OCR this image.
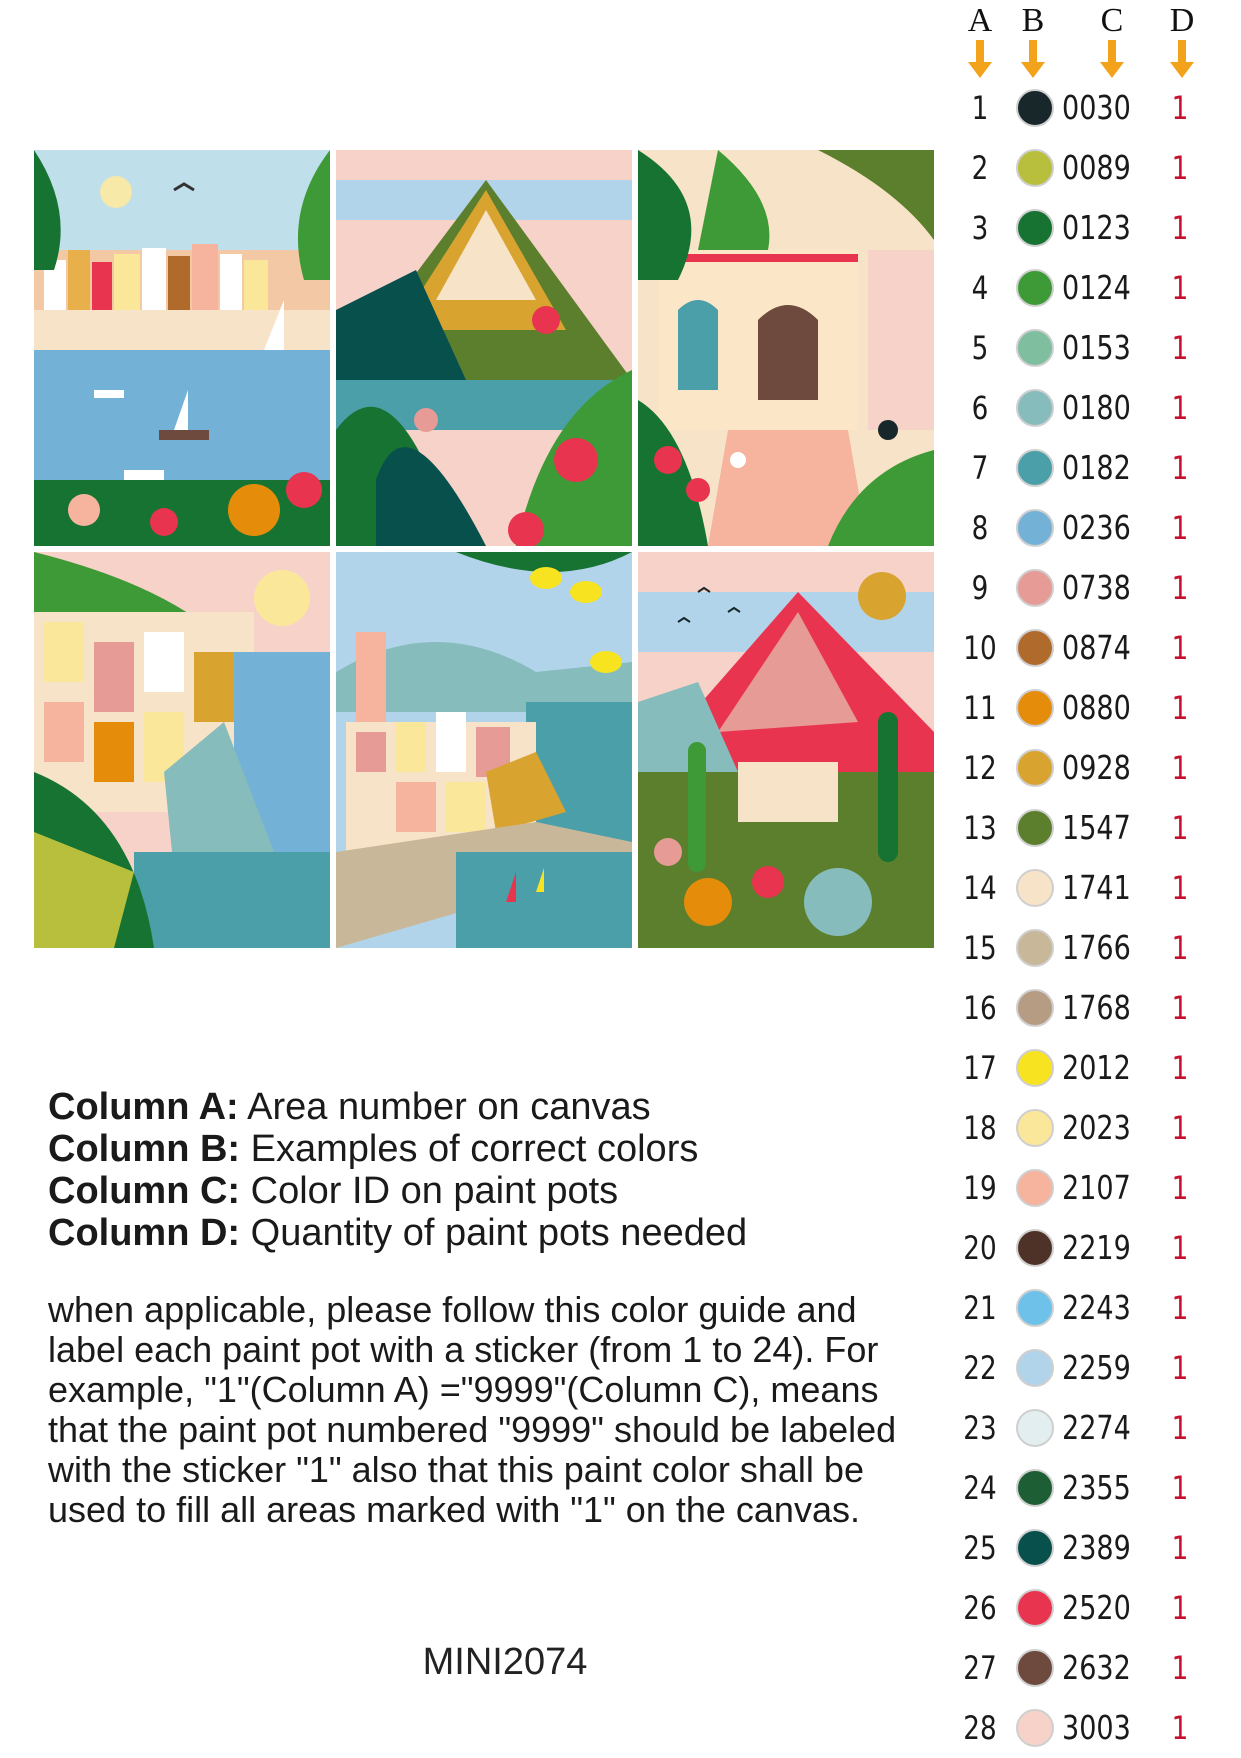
A B C D
1	0030	1
2	0089	1
3	0123	1
4	0124	1
5	0153	1
6	0180	1
7	0182	1
8	0236	1
9	0738	1
10 0874	1
11 0880	1
12 0928	1
13 1547	1
14 1741	1
15 1766	1
16 1768	1
17 2012	1
18 2023	1
19 2107	1
20 2219	1
21 2243	1
22 2259	1
23 2274	1
24 2355	1
25 2389	1
26 2520	1
27 2632	1
28 3003	1
Column A: Area number on canvas
Column B: Examples of correct colors
Column C: Color ID on paint pots
Column D: Quantity of paint pots needed
when applicable, please follow this color guide and label each paint pot with a sticker (from 1 to 24). For example, "1"(Column A) ="9999"(Column C), means that the paint pot numbered "9999" should be labeled with the sticker "1" also that this paint color shall be used to fill all areas marked with "1" on the canvas.
MINI2074
